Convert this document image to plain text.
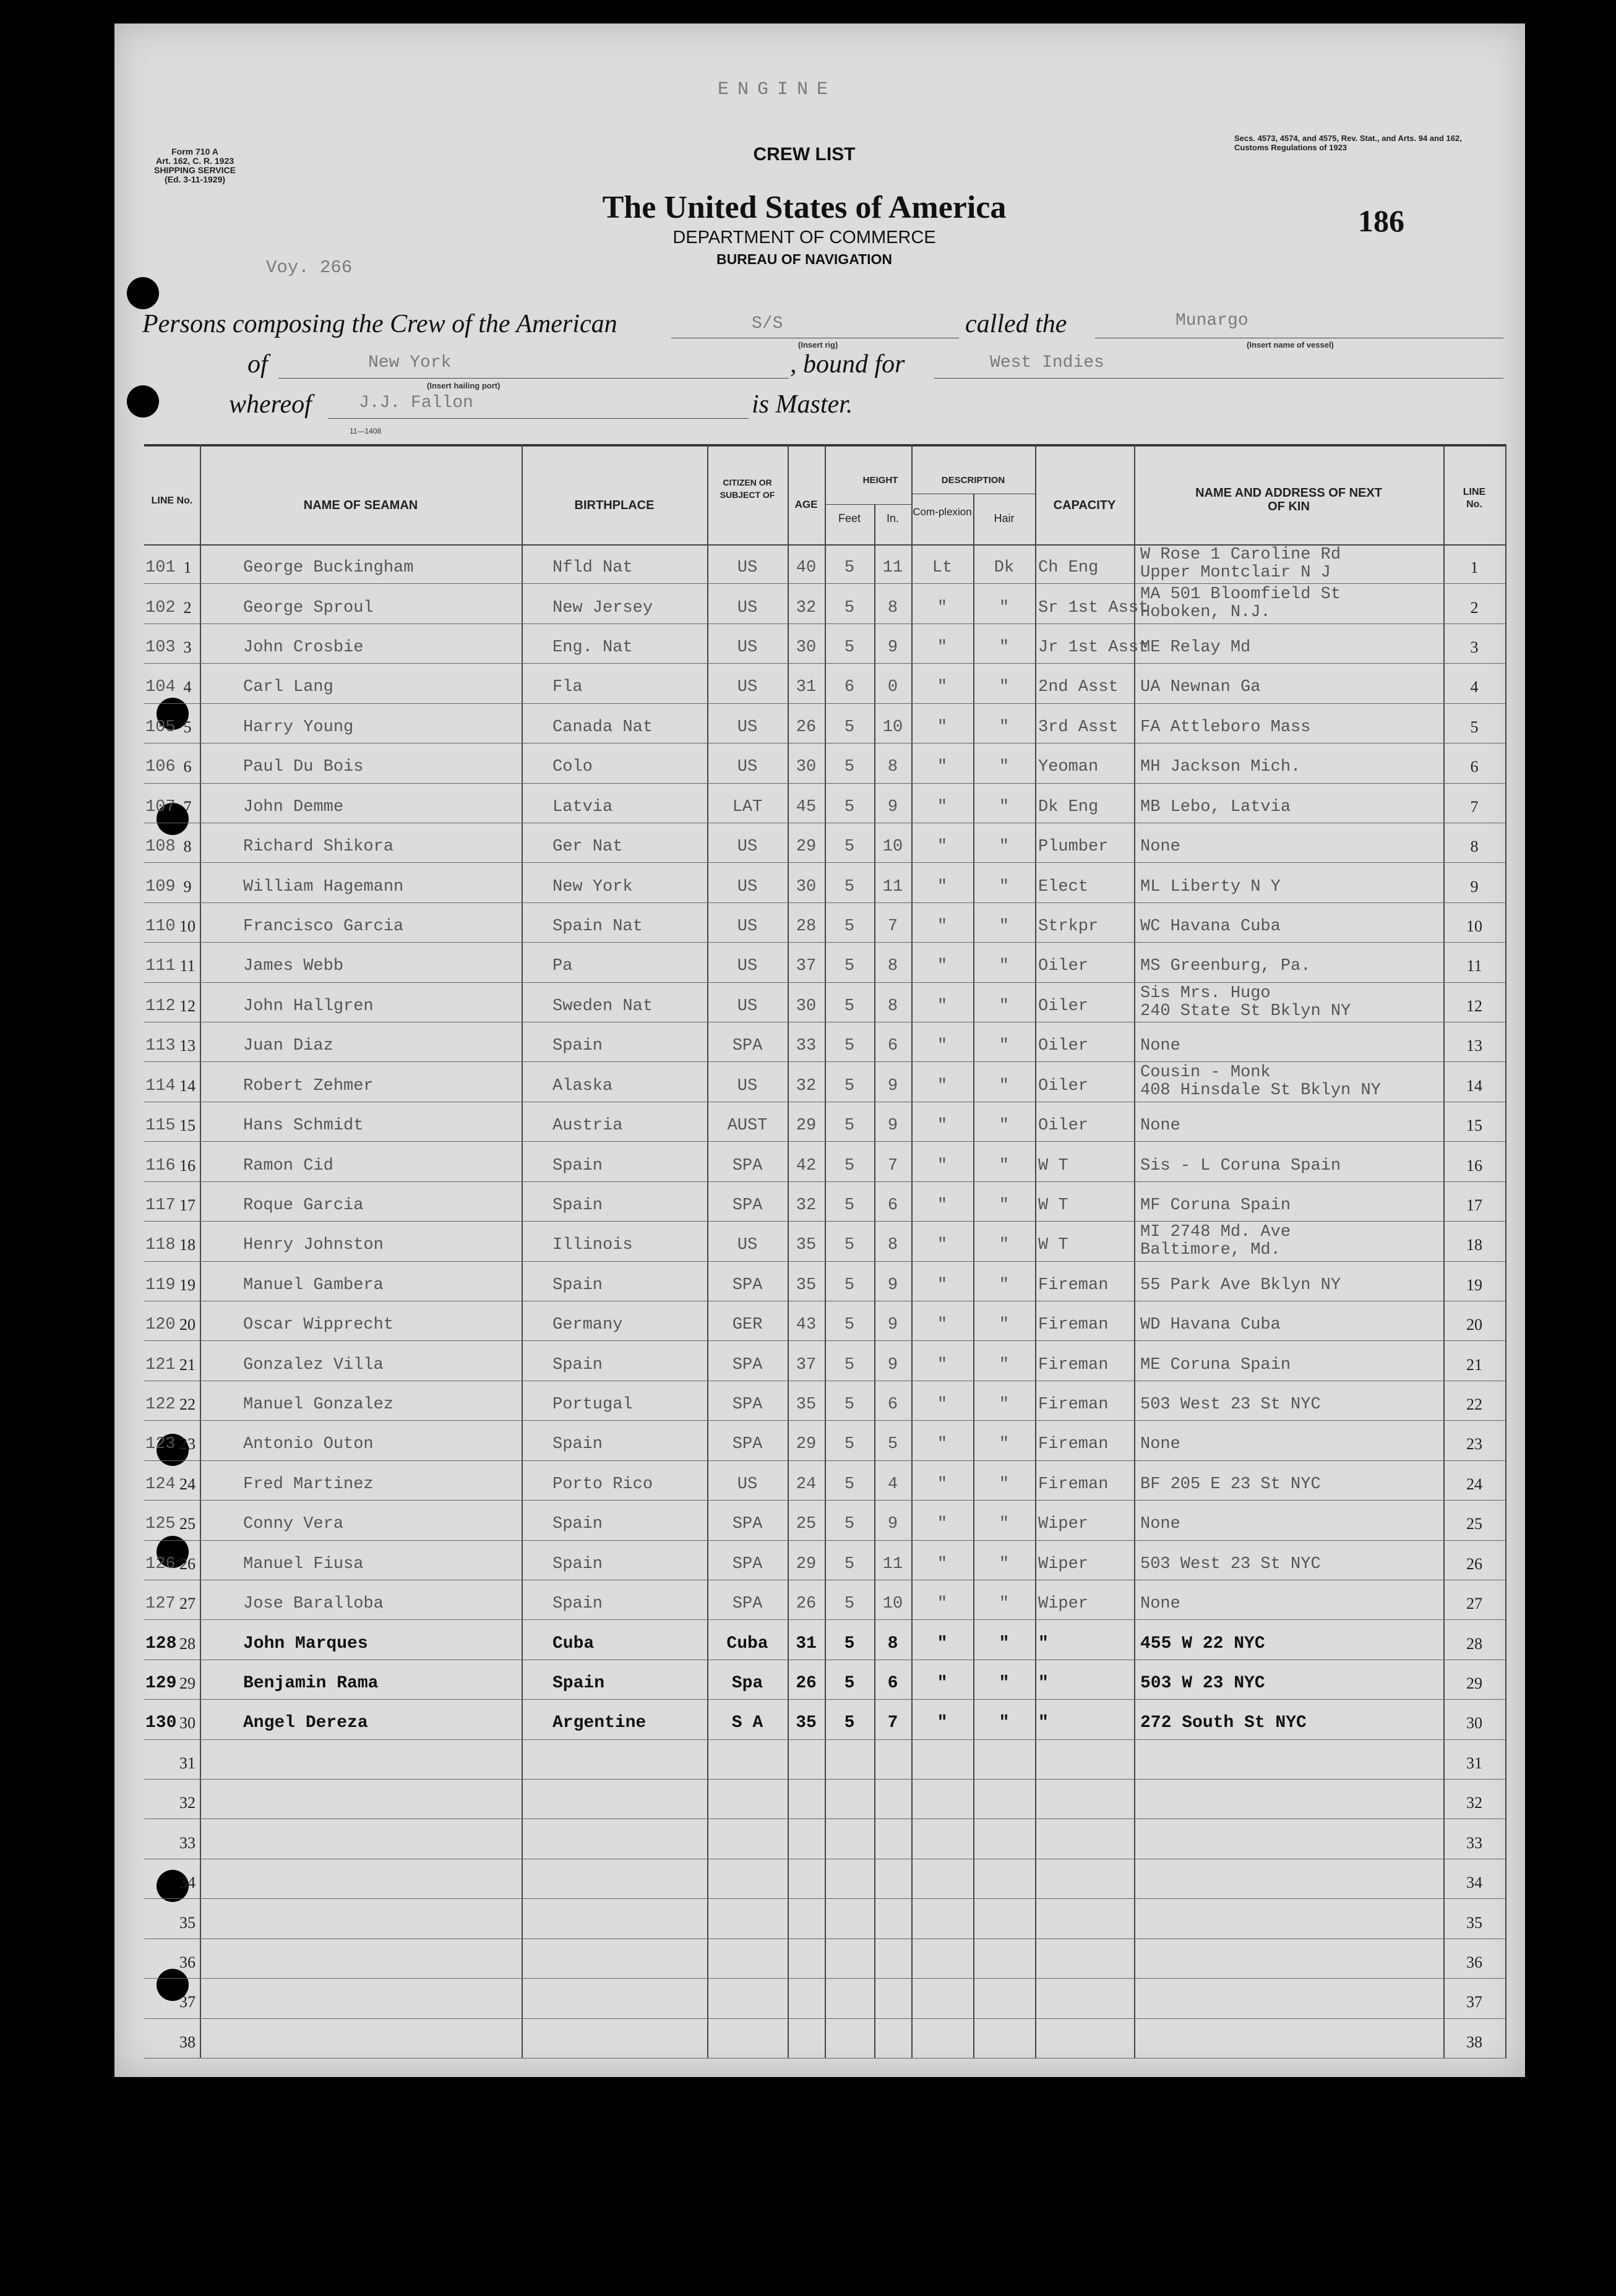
ENGINE
Form 710 A
Art. 162, C. R. 1923
SHIPPING SERVICE
(Ed. 3-11-1929)
CREW LIST
Secs. 4573, 4574, and 4575, Rev. Stat., and Arts. 94 and 162, Customs Regulations of 1923
The United States of America
DEPARTMENT OF COMMERCE
BUREAU OF NAVIGATION
186
Voy. 266
Persons composing the Crew of the American	S/S
(Insert rig)
called the	Munargo
(Insert name of vessel)
of	New York
(Insert hailing port)
, bound for	West Indies
whereof	J.J. Fallon	is Master.
11—1408
LINE No.	NAME OF SEAMAN	BIRTHPLACE
CITIZEN OR SUBJECT OF
AGE
HEIGHT
Feet	In.
DESCRIPTION
Com-plexion
Hair
CAPACITY
NAME AND ADDRESS OF NEXT OF KIN
LINE No.
101 1	George Buckingham	Nfld Nat	US	40	5	11	Lt	Dk	Ch Eng
W Rose 1 Caroline Rd
Upper Montclair N J	1
102 2	George Sproul	New Jersey	US	32	5	8	"	"	Sr 1st Asst
MA 501 Bloomfield St
Hoboken, N.J.	2
103 3	John Crosbie	Eng. Nat	US	30	5	9	"	"	Jr 1st Asst
ME Relay Md	3
104 4	Carl Lang	Fla	US	31	6	0	"	"	2nd Asst	UA Newnan Ga	4
105 5	Harry Young	Canada Nat	US	26	5	10	"	"	3rd Asst	FA Attleboro Mass	5
106 6	Paul Du Bois	Colo	US	30	5	8	"	"	Yeoman	MH Jackson Mich.	6
107 7	John Demme	Latvia	LAT	45	5	9	"	"	Dk Eng	MB Lebo, Latvia	7
108 8	Richard Shikora	Ger Nat	US	29	5	10	"	"	Plumber	None	8
109 9	William Hagemann	New York	US	30	5	11	"	"	Elect	ML Liberty N Y	9
110 10	Francisco Garcia	Spain Nat	US	28	5	7	"	"	Strkpr	WC Havana Cuba	10
111 11	James Webb	Pa	US	37	5	8	"	"	Oiler	MS Greenburg, Pa.	11
112 12	John Hallgren	Sweden Nat	US	30	5	8	"	"	Oiler
Sis Mrs. Hugo
240 State St Bklyn NY	12
113 13	Juan Diaz	Spain	SPA	33	5	6	"	"	Oiler	None	13
114 14	Robert Zehmer	Alaska	US	32	5	9	"	"	Oiler
Cousin - Monk
408 Hinsdale St Bklyn NY	14
115 15	Hans Schmidt	Austria	AUST	29	5	9	"	"	Oiler	None	15
116 16	Ramon Cid	Spain	SPA	42	5	7	"	"	W T	Sis - L Coruna Spain	16
117 17	Roque Garcia	Spain	SPA	32	5	6	"	"	W T	MF Coruna Spain	17
118 18	Henry Johnston	Illinois	US	35	5	8	"	"	W T
MI 2748 Md. Ave
Baltimore, Md.	18
119 19	Manuel Gambera	Spain	SPA	35	5	9	"	"	Fireman	55 Park Ave Bklyn NY	19
120 20	Oscar Wipprecht	Germany	GER	43	5	9	"	"	Fireman	WD Havana Cuba	20
121 21	Gonzalez Villa	Spain	SPA	37	5	9	"	"	Fireman	ME Coruna Spain	21
122 22	Manuel Gonzalez	Portugal	SPA	35	5	6	"	"	Fireman	503 West 23 St NYC	22
123 23	Antonio Outon	Spain	SPA	29	5	5	"	"	Fireman	None	23
124 24	Fred Martinez	Porto Rico	US	24	5	4	"	"	Fireman	BF 205 E 23 St NYC	24
125 25	Conny Vera	Spain	SPA	25	5	9	"	"	Wiper	None	25
126 26	Manuel Fiusa	Spain	SPA	29	5	11	"	"	Wiper	503 West 23 St NYC	26
127 27	Jose Baralloba	Spain	SPA	26	5	10	"	"	Wiper	None	27
128 28	John Marques	Cuba	Cuba	31	5	8	"	"	"	455 W 22 NYC	28
129 29	Benjamin Rama	Spain	Spa	26	5	6	"	"	"	503 W 23 NYC	29
130 30	Angel Dereza	Argentine	S A	35	5	7	"	"	"	272 South St NYC	30
31	31
32	32
33	33
34	34
35	35
36	36
37	37
38	38
